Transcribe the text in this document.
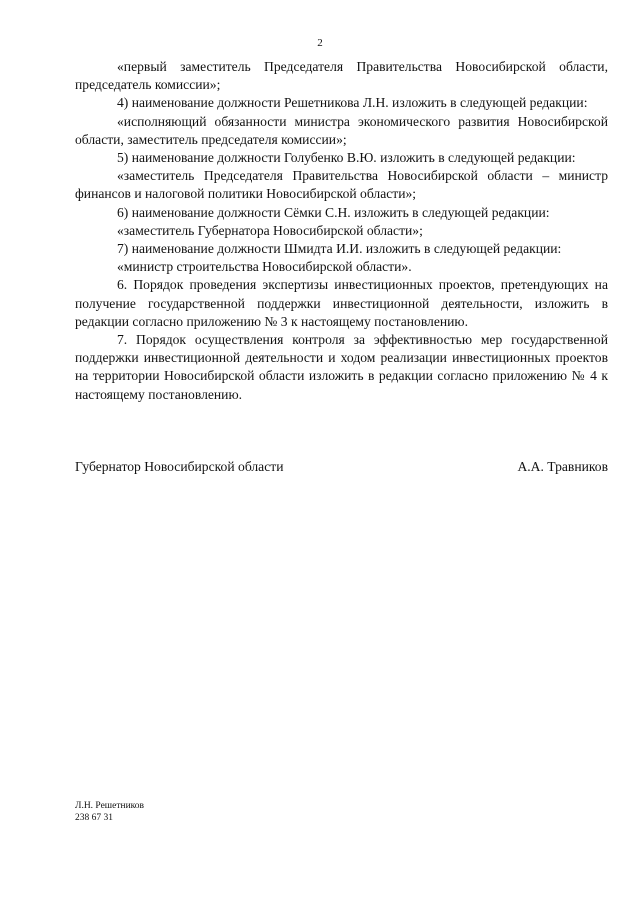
2

«первый заместитель Председателя Правительства Новосибирской области, председатель комиссии»;

4) наименование должности Решетникова Л.Н. изложить в следующей редакции:

«исполняющий обязанности министра экономического развития Новосибирской области, заместитель председателя комиссии»;

5) наименование должности Голубенко В.Ю. изложить в следующей редакции:

«заместитель Председателя Правительства Новосибирской области – министр финансов и налоговой политики Новосибирской области»;

6) наименование должности Сёмки С.Н. изложить в следующей редакции:

«заместитель Губернатора Новосибирской области»;

7) наименование должности Шмидта И.И. изложить в следующей редакции:

«министр строительства Новосибирской области».

6. Порядок проведения экспертизы инвестиционных проектов, претендующих на получение государственной поддержки инвестиционной деятельности, изложить в редакции согласно приложению № 3 к настоящему постановлению.

7. Порядок осуществления контроля за эффективностью мер государственной поддержки инвестиционной деятельности и ходом реализации инвестиционных проектов на территории Новосибирской области изложить в редакции согласно приложению № 4 к настоящему постановлению.

Губернатор Новосибирской области	А.А. Травников
Л.Н. Решетников
238 67 31
